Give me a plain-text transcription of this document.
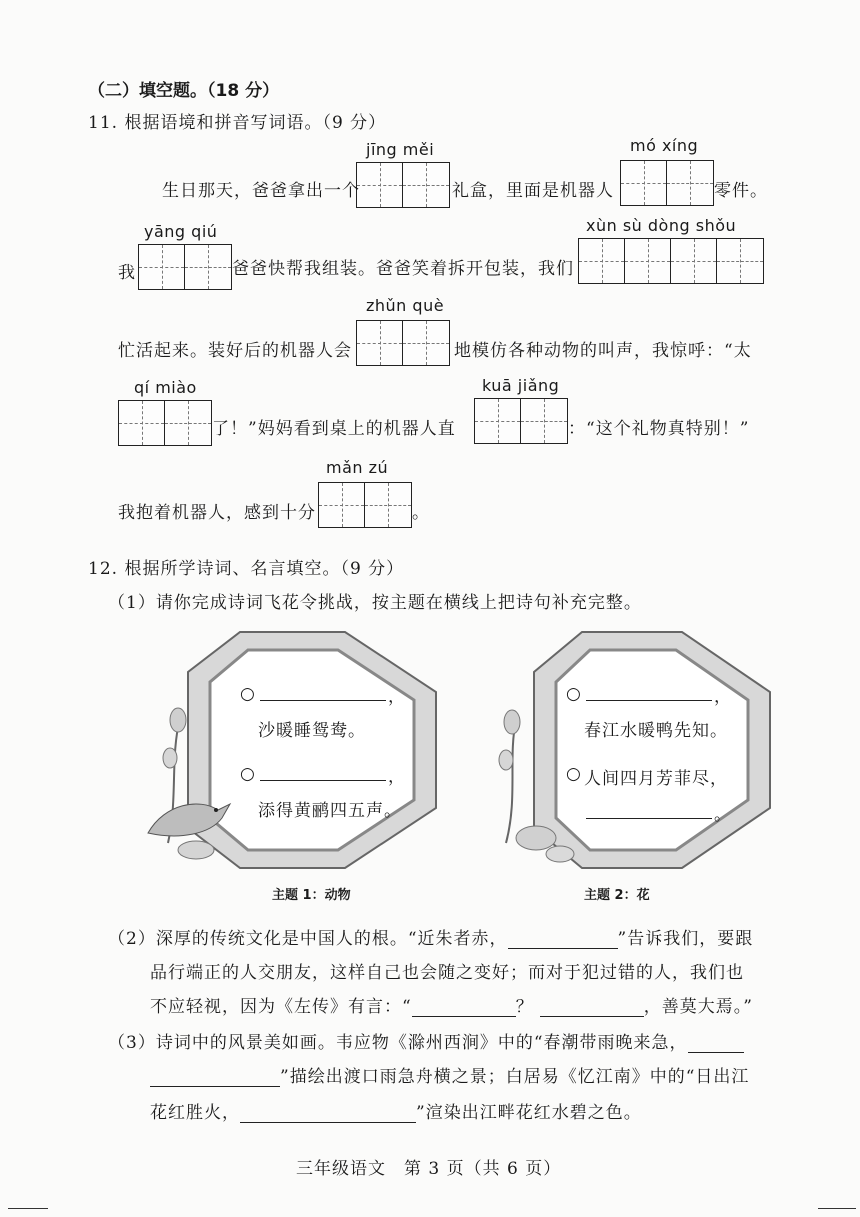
（二）填空题。（18 分）
11. 根据语境和拼音写词语。（9 分）
jīng měi	mó xíng
yāng qiú	xùn sù dòng shǒu
zhǔn què
qí miào	kuā jiǎng
mǎn zú
生日那天，爸爸拿出一个	礼盒，里面是机器人	零件。
我	爸爸快帮我组装。爸爸笑着拆开包装，我们
忙活起来。装好后的机器人会	地模仿各种动物的叫声，我惊呼：“太
了！”妈妈看到桌上的机器人直	：“这个礼物真特别！”
我抱着机器人，感到十分	。
12. 根据所学诗词、名言填空。（9 分）
（1）请你完成诗词飞花令挑战，按主题在横线上把诗句补充完整。
○	，
沙暖睡鸳鸯。
○	，
添得黄鹂四五声。
主题 1：动物
○	，
春江水暖鸭先知。
○ 人间四月芳菲尽，
。
主题 2：花
（2）深厚的传统文化是中国人的根。“近朱者赤，	”告诉我们，要跟
品行端正的人交朋友，这样自己也会随之变好；而对于犯过错的人，我们也
不应轻视，因为《左传》有言：“	？	，善莫大焉。”
（3）诗词中的风景美如画。韦应物《滁州西涧》中的“春潮带雨晚来急，
”描绘出渡口雨急舟横之景；白居易《忆江南》中的“日出江
花红胜火，	”渲染出江畔花红水碧之色。
三年级语文　第 3 页（共 6 页）
